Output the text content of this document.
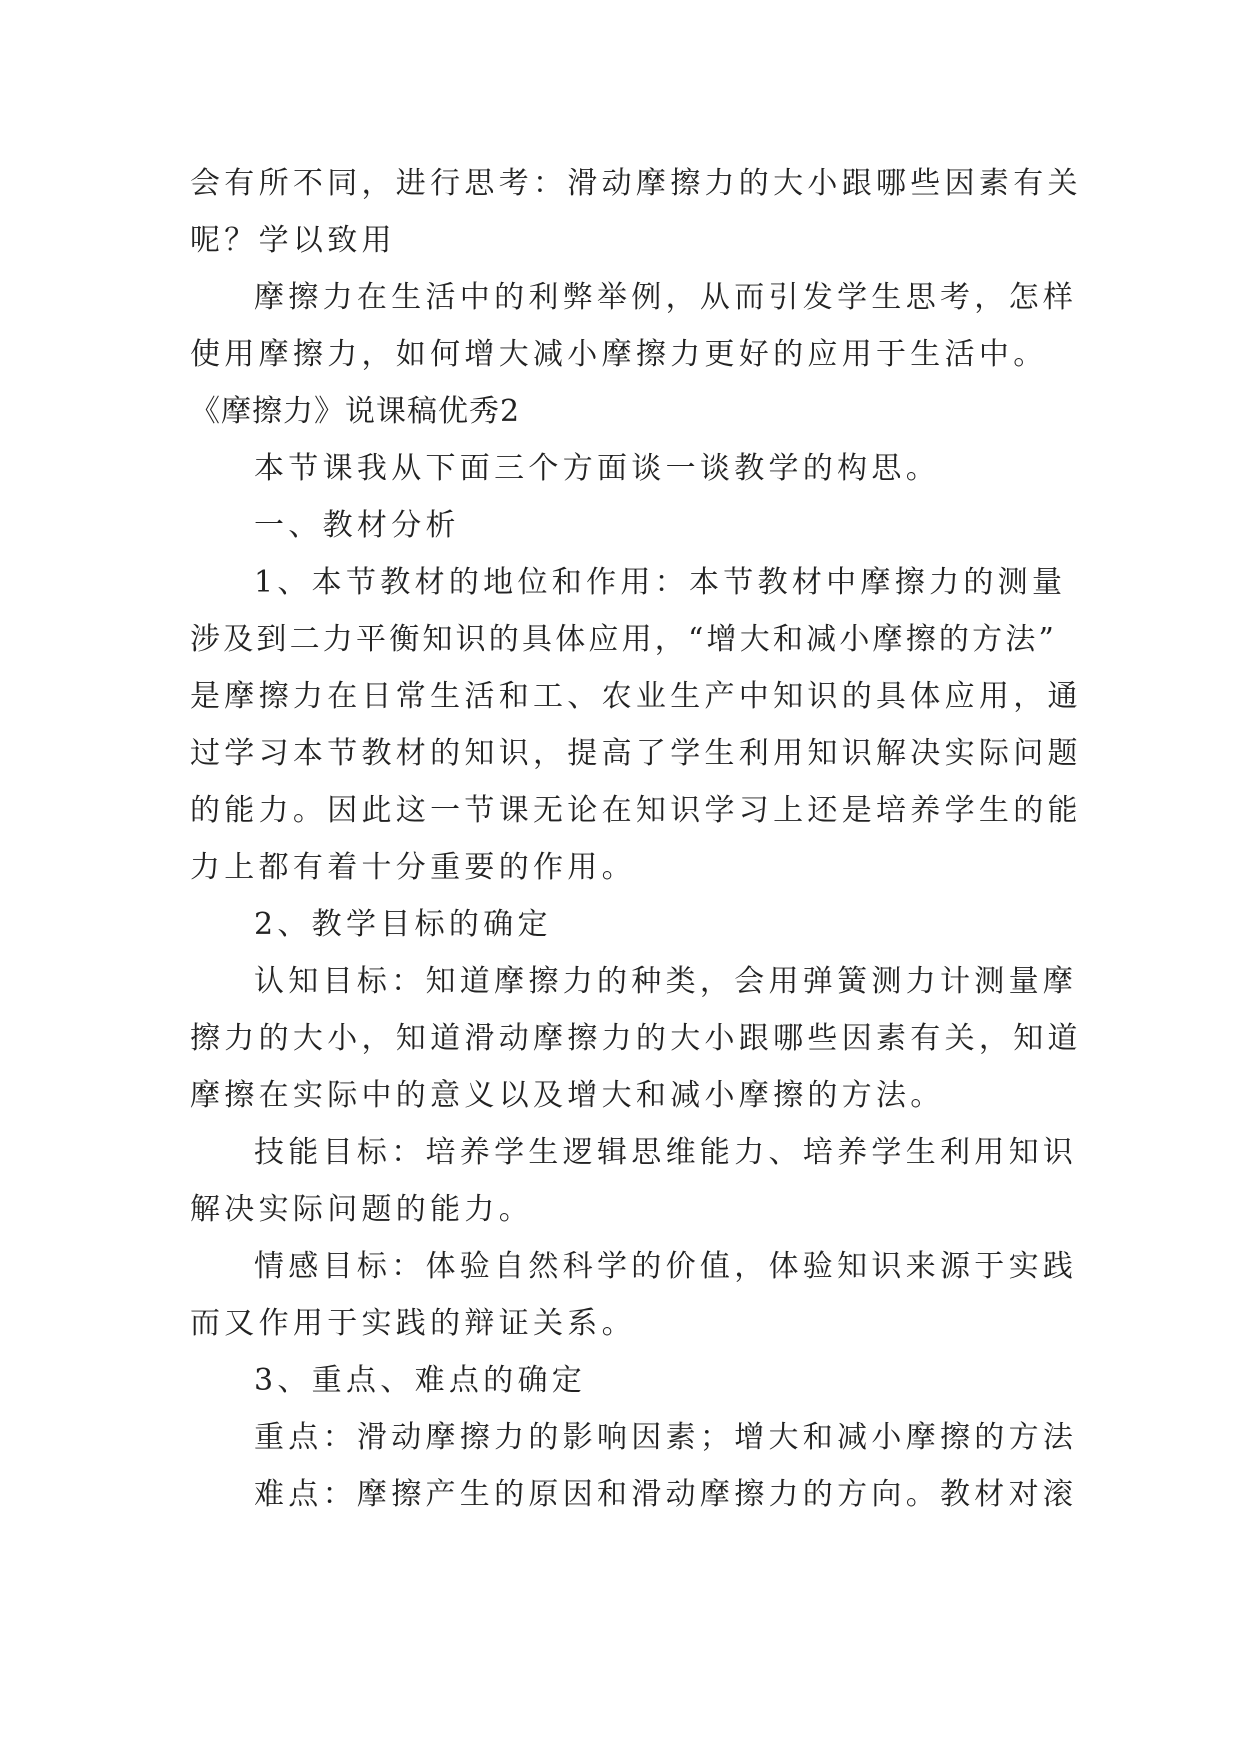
会有所不同，进行思考：滑动摩擦力的大小跟哪些因素有关
呢？学以致用
摩擦力在生活中的利弊举例，从而引发学生思考，怎样
使用摩擦力，如何增大减小摩擦力更好的应用于生活中。
《摩擦力》说课稿优秀2
本节课我从下面三个方面谈一谈教学的构思。
一、教材分析
1、本节教材的地位和作用：本节教材中摩擦力的测量
涉及到二力平衡知识的具体应用，“增大和减小摩擦的方法”
是摩擦力在日常生活和工、农业生产中知识的具体应用，通
过学习本节教材的知识，提高了学生利用知识解决实际问题
的能力。因此这一节课无论在知识学习上还是培养学生的能
力上都有着十分重要的作用。
2、教学目标的确定
认知目标：知道摩擦力的种类，会用弹簧测力计测量摩
擦力的大小，知道滑动摩擦力的大小跟哪些因素有关，知道
摩擦在实际中的意义以及增大和减小摩擦的方法。
技能目标：培养学生逻辑思维能力、培养学生利用知识
解决实际问题的能力。
情感目标：体验自然科学的价值，体验知识来源于实践
而又作用于实践的辩证关系。
3、重点、难点的确定
重点：滑动摩擦力的影响因素；增大和减小摩擦的方法
难点：摩擦产生的原因和滑动摩擦力的方向。教材对滚
